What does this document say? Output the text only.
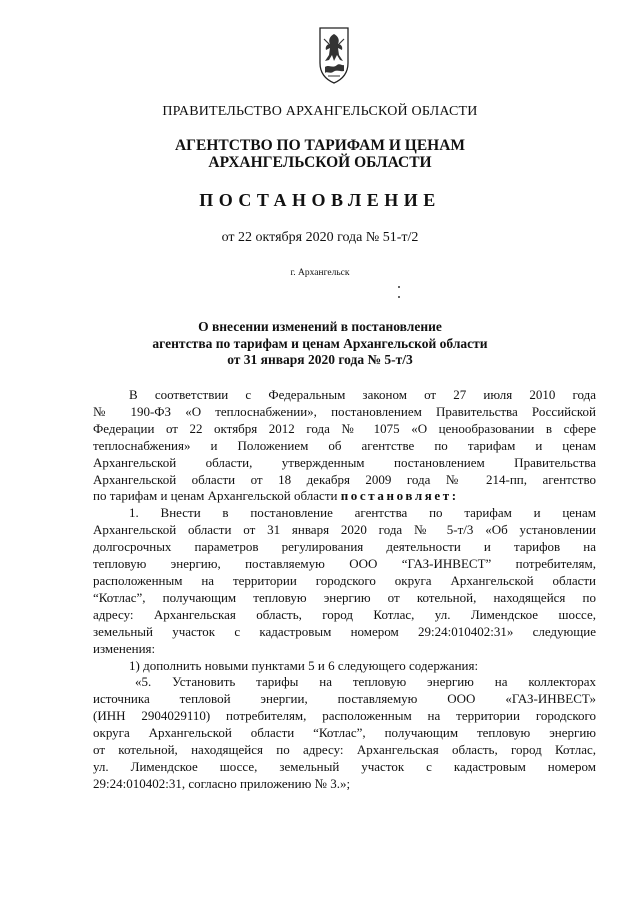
ПРАВИТЕЛЬСТВО АРХАНГЕЛЬСКОЙ ОБЛАСТИ
АГЕНТСТВО ПО ТАРИФАМ И ЦЕНАМ
АРХАНГЕЛЬСКОЙ ОБЛАСТИ
ПОСТАНОВЛЕНИЕ
от 22 октября 2020 года № 51-т/2
г. Архангельск
О внесении изменений в постановление
агентства по тарифам и ценам Архангельской области
от 31 января 2020 года № 5-т/3

В соответствии с Федеральным законом от 27 июля 2010 года

№ 190-ФЗ «О теплоснабжении», постановлением Правительства Российской

Федерации от 22 октября 2012 года № 1075 «О ценообразовании в сфере

теплоснабжения» и Положением об агентстве по тарифам и ценам

Архангельской области, утвержденным постановлением Правительства

Архангельской области от 18 декабря 2009 года № 214-пп, агентство

по тарифам и ценам Архангельской области постановляет:

1. Внести в постановление агентства по тарифам и ценам

Архангельской области от 31 января 2020 года № 5-т/3 «Об установлении

долгосрочных параметров регулирования деятельности и тарифов на

тепловую энергию, поставляемую ООО “ГАЗ-ИНВЕСТ” потребителям,

расположенным на территории городского округа Архангельской области

“Котлас”, получающим тепловую энергию от котельной, находящейся по

адресу: Архангельская область, город Котлас, ул. Лимендское шоссе,

земельный участок с кадастровым номером 29:24:010402:31» следующие

изменения:

1) дополнить новыми пунктами 5 и 6 следующего содержания:

«5. Установить тарифы на тепловую энергию на коллекторах

источника тепловой энергии, поставляемую ООО «ГАЗ-ИНВЕСТ»

(ИНН 2904029110) потребителям, расположенным на территории городского

округа Архангельской области “Котлас”, получающим тепловую энергию

от котельной, находящейся по адресу: Архангельская область, город Котлас,

ул. Лимендское шоссе, земельный участок с кадастровым номером

29:24:010402:31, согласно приложению № 3.»;
